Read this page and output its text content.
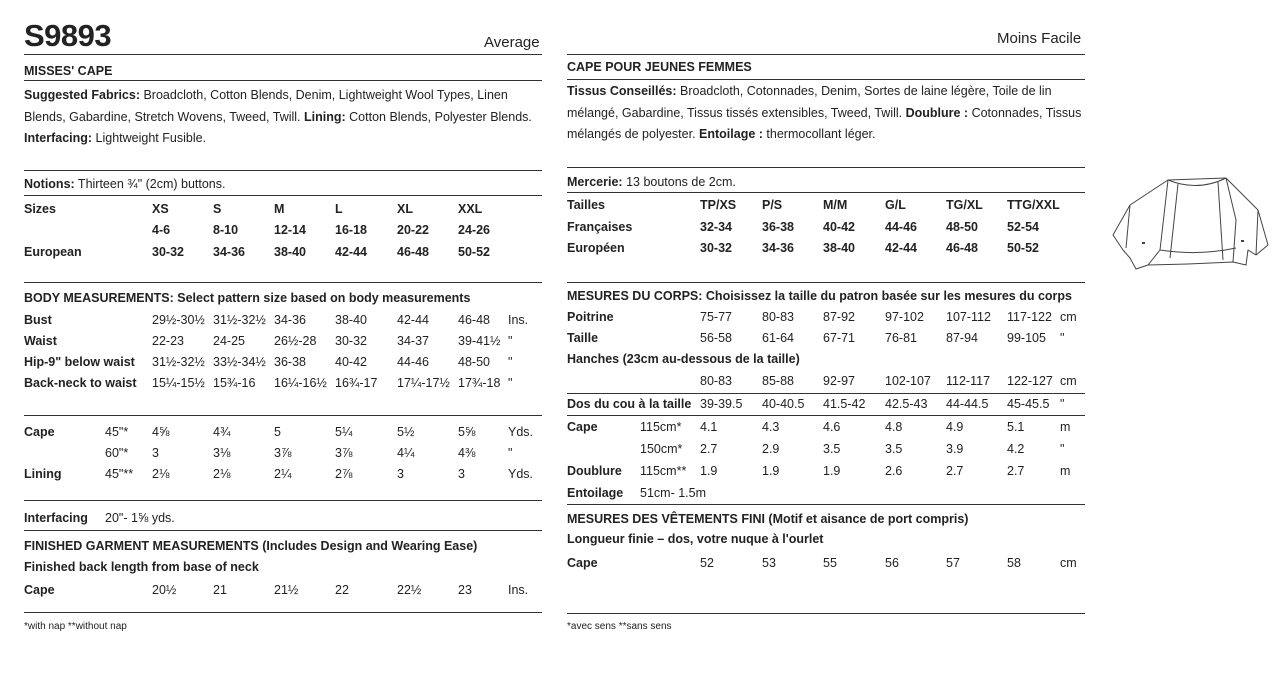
S9893	Average
MISSES' CAPE
Suggested Fabrics: Broadcloth, Cotton Blends, Denim, Lightweight Wool Types, Linen
Blends, Gabardine, Stretch Wovens, Tweed, Twill. Lining: Cotton Blends, Polyester Blends.
Interfacing: Lightweight Fusible.
Notions: Thirteen ¾" (2cm) buttons.
Sizes	XS	S	M	L	XL	XXL
4-6	8-10	12-14 16-18 20-22 24-26
European	30-32 34-36 38-40 42-44 46-48 50-52
BODY MEASUREMENTS: Select pattern size based on body measurements
Bust	29½-30½ 31½-32½ 34-36 38-40 42-44 46-48 Ins.
Waist	22-23 24-25 26½-28 30-32 34-37 39-41½ "
Hip-9" below waist 31½-32½ 33½-34½ 36-38 40-42 44-46 48-50 "
Back-neck to waist 15¼-15½ 15¾-16 16¼-16½ 16¾-17 17¼-17½ 17¾-18 "
Cape	45"* 4⅝	4¾	5	5¼	5½	5⅝	Yds.
60"* 3	3⅛	3⅞	3⅞	4¼	4⅜	"
Lining	45"** 2⅛	2⅛	2¼	2⅞	3	3	Yds.
Interfacing 20"- 1⅝ yds.
FINISHED GARMENT MEASUREMENTS (Includes Design and Wearing Ease)
Finished back length from base of neck
Cape	20½	21	21½	22	22½	23	Ins.
*with nap **without nap
Moins Facile
CAPE POUR JEUNES FEMMES
Tissus Conseillés: Broadcloth, Cotonnades, Denim, Sortes de laine légère, Toile de lin
mélangé, Gabardine, Tissus tissés extensibles, Tweed, Twill. Doublure : Cotonnades, Tissus
mélangés de polyester. Entoilage : thermocollant léger.
Mercerie: 13 boutons de 2cm.
Tailles	TP/XS P/S	M/M	G/L	TG/XL TTG/XXL
Françaises	32-34 36-38 40-42 44-46 48-50 52-54
Européen	30-32 34-36 38-40 42-44 46-48 50-52
MESURES DU CORPS: Choisissez la taille du patron basée sur les mesures du corps
Poitrine	75-77 80-83 87-92 97-102 107-112 117-122 cm
Taille	56-58 61-64 67-71 76-81 87-94 99-105 "
Hanches (23cm au-dessous de la taille)
80-83 85-88 92-97 102-107 112-117 122-127 cm
Dos du cou à la taille 39-39.5 40-40.5 41.5-42 42.5-43 44-44.5 45-45.5 "
Cape	115cm* 4.1	4.3	4.6	4.8	4.9	5.1	m
150cm* 2.7	2.9	3.5	3.5	3.9	4.2	"
Doublure 115cm** 1.9	1.9	1.9	2.6	2.7	2.7	m
Entoilage 51cm- 1.5m
MESURES DES VÊTEMENTS FINI (Motif et aisance de port compris)
Longueur finie – dos, votre nuque à l'ourlet
Cape	52	53	55	56	57	58	cm
*avec sens **sans sens
